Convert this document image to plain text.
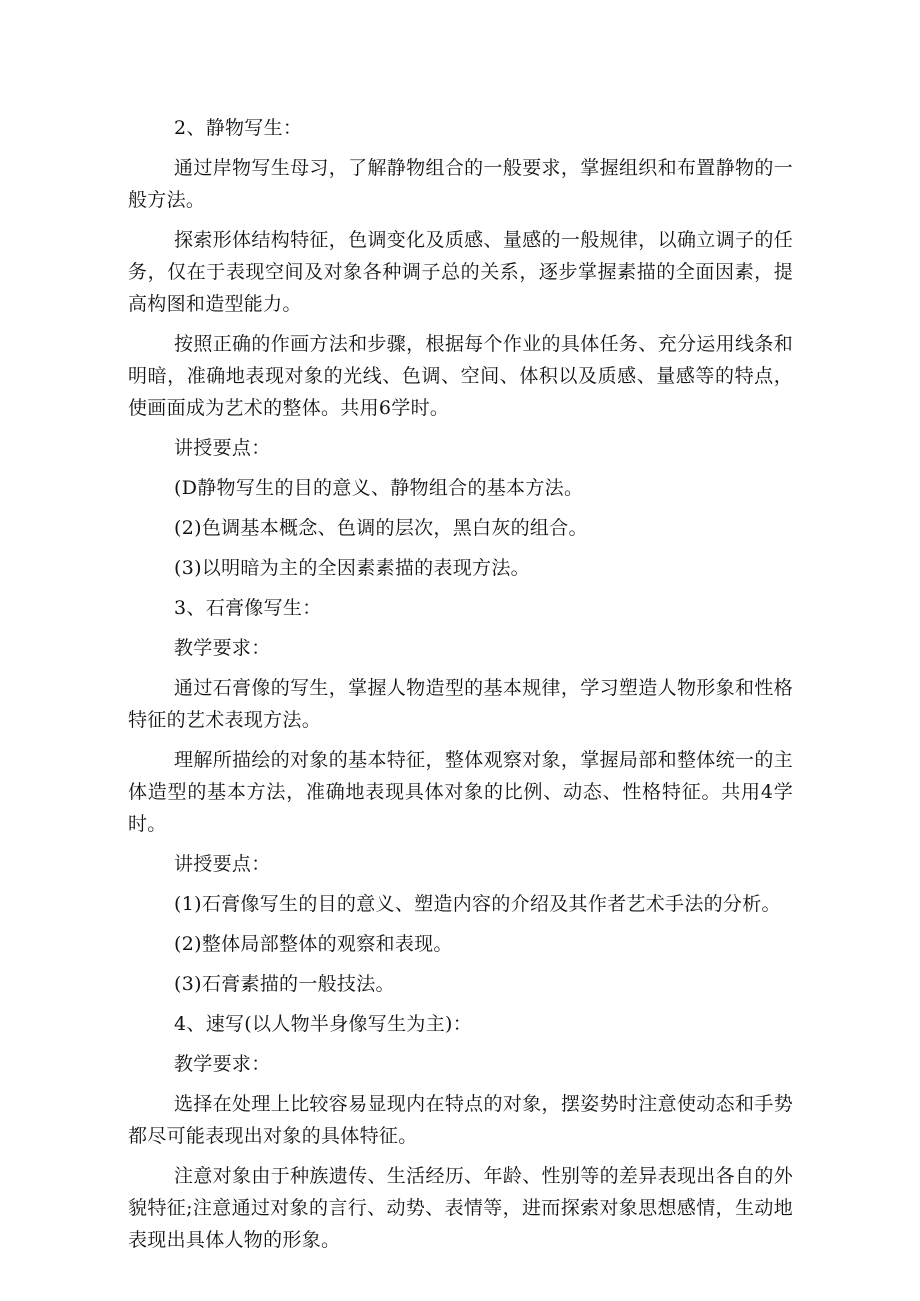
2、静物写生：

通过岸物写生母习，了解静物组合的一般要求，掌握组织和布置静物的一般方法。

探索形体结构特征，色调变化及质感、量感的一般规律，以确立调子的任务，仅在于表现空间及对象各种调子总的关系，逐步掌握素描的全面因素，提高构图和造型能力。

按照正确的作画方法和步骤，根据每个作业的具体任务、充分运用线条和明暗，准确地表现对象的光线、色调、空间、体积以及质感、量感等的特点，使画面成为艺术的整体。共用6学时。

讲授要点：

(D静物写生的目的意义、静物组合的基本方法。

(2)色调基本概念、色调的层次，黑白灰的组合。

(3)以明暗为主的全因素素描的表现方法。

3、石膏像写生：

教学要求：

通过石膏像的写生，掌握人物造型的基本规律，学习塑造人物形象和性格特征的艺术表现方法。

理解所描绘的对象的基本特征，整体观察对象，掌握局部和整体统一的主体造型的基本方法，准确地表现具体对象的比例、动态、性格特征。共用4学时。

讲授要点：

(1)石膏像写生的目的意义、塑造内容的介绍及其作者艺术手法的分析。

(2)整体局部整体的观察和表现。

(3)石膏素描的一般技法。

4、速写(以人物半身像写生为主)：

教学要求：

选择在处理上比较容易显现内在特点的对象，摆姿势时注意使动态和手势都尽可能表现出对象的具体特征。

注意对象由于种族遗传、生活经历、年龄、性别等的差异表现出各自的外貌特征;注意通过对象的言行、动势、表情等，进而探索对象思想感情，生动地表现出具体人物的形象。
